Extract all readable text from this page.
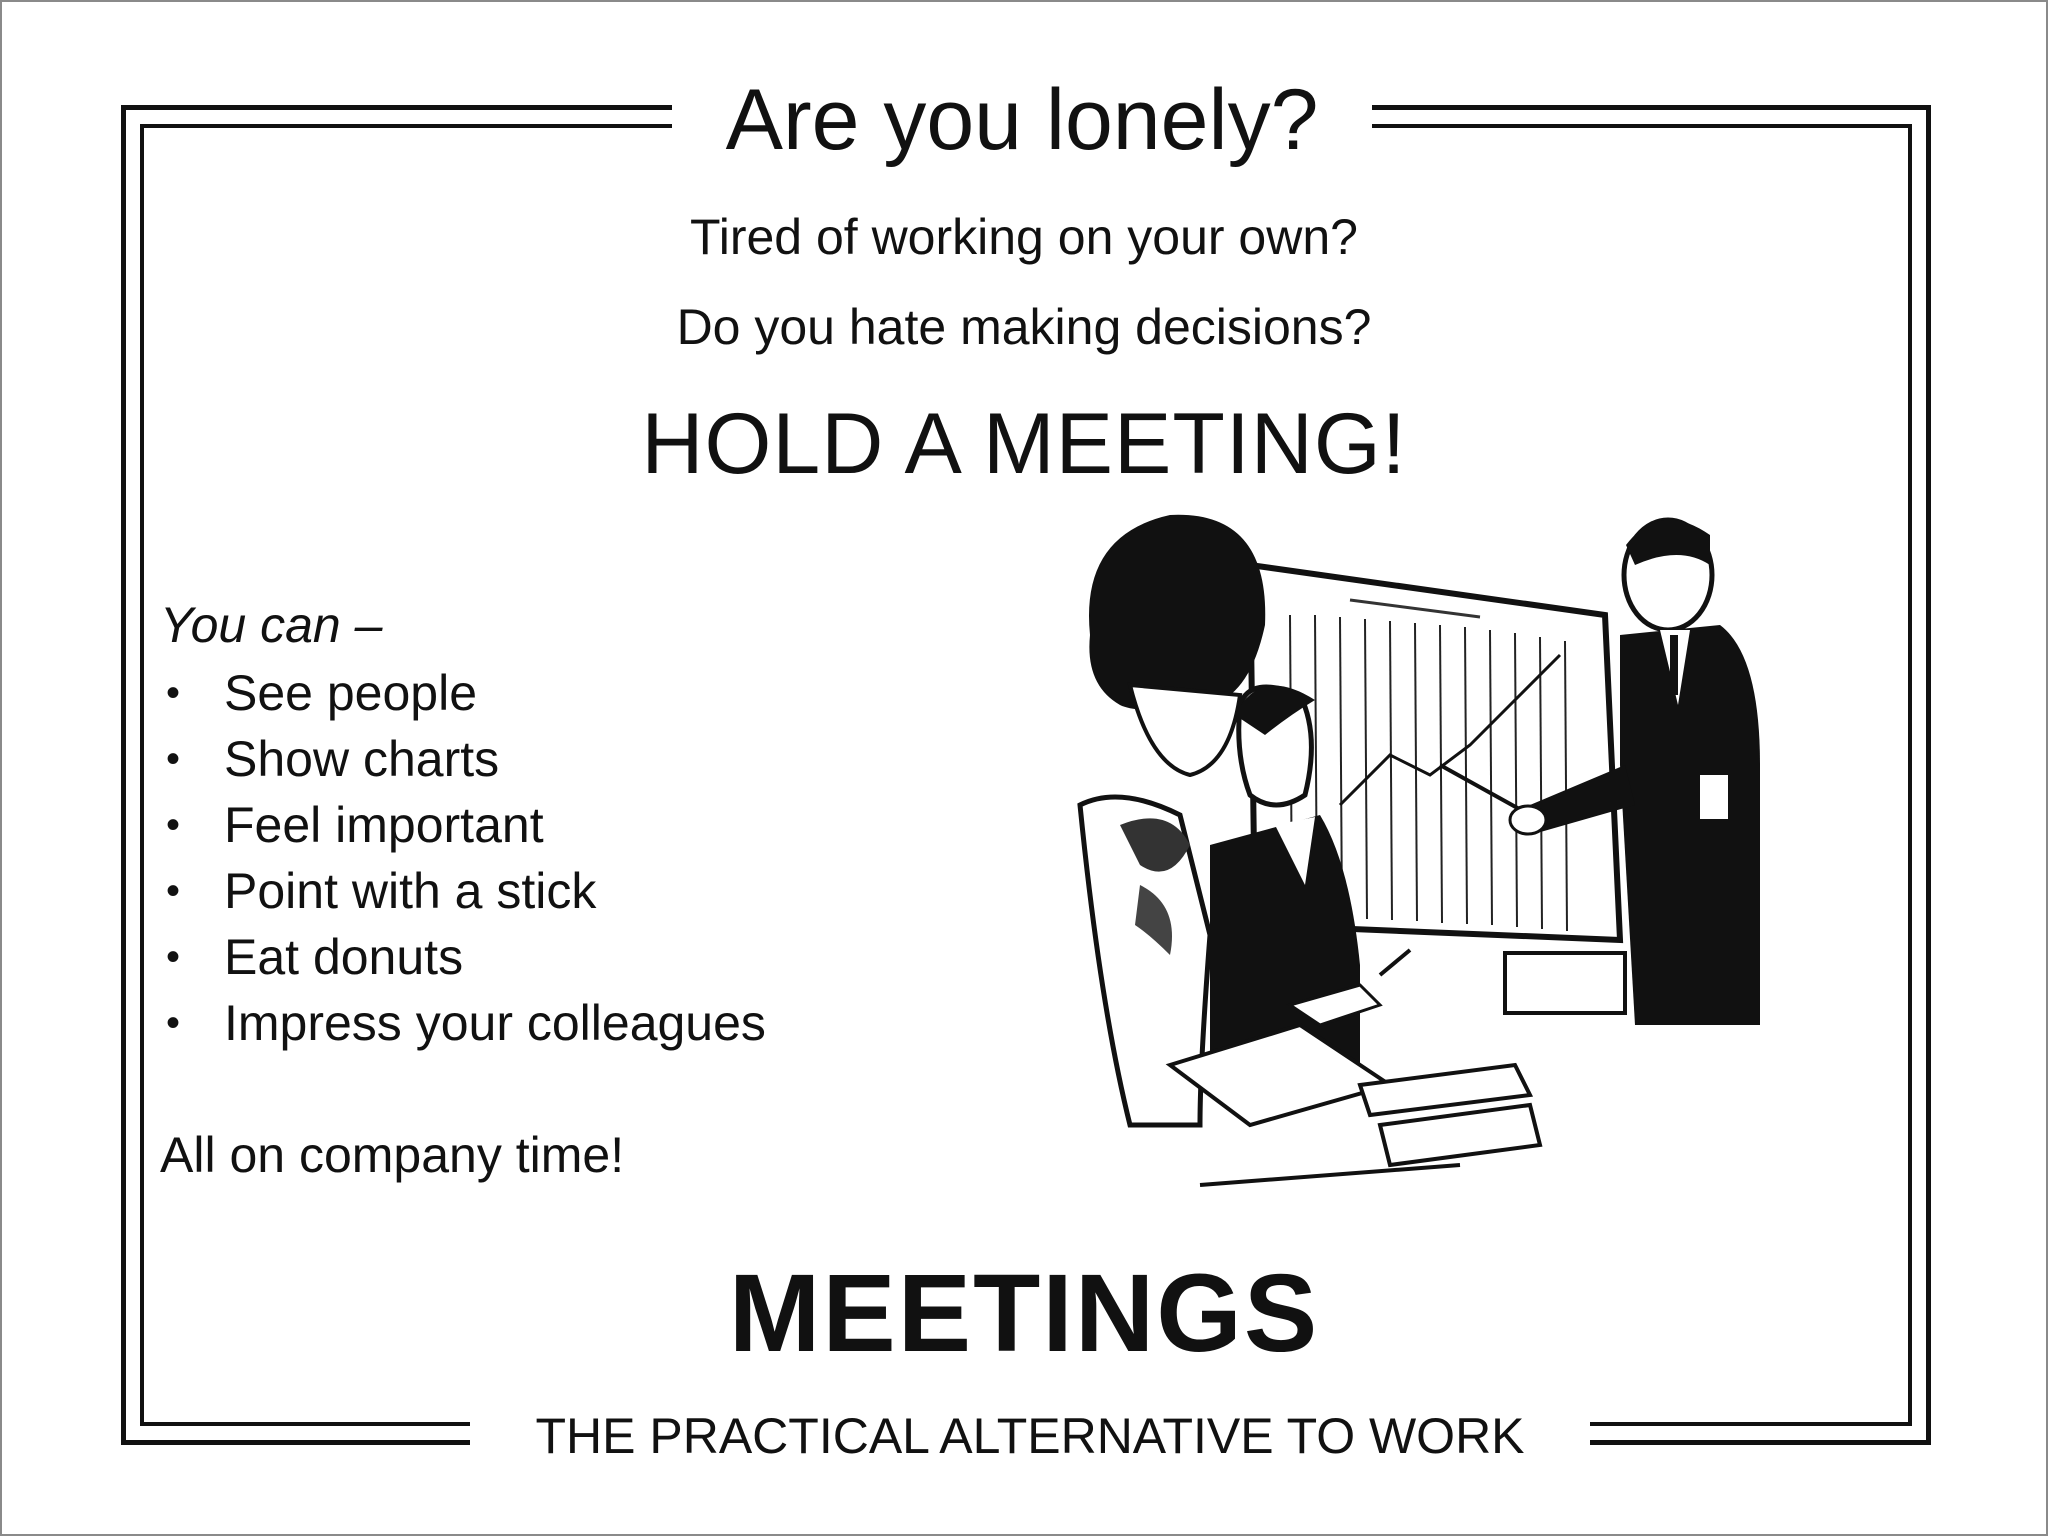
Are you lonely?
Tired of working on your own?
Do you hate making decisions?
HOLD A MEETING!
You can –
• See people
• Show charts
• Feel important
• Point with a stick
• Eat donuts
• Impress your colleagues
All on company time!
MEETINGS
THE PRACTICAL ALTERNATIVE TO WORK
